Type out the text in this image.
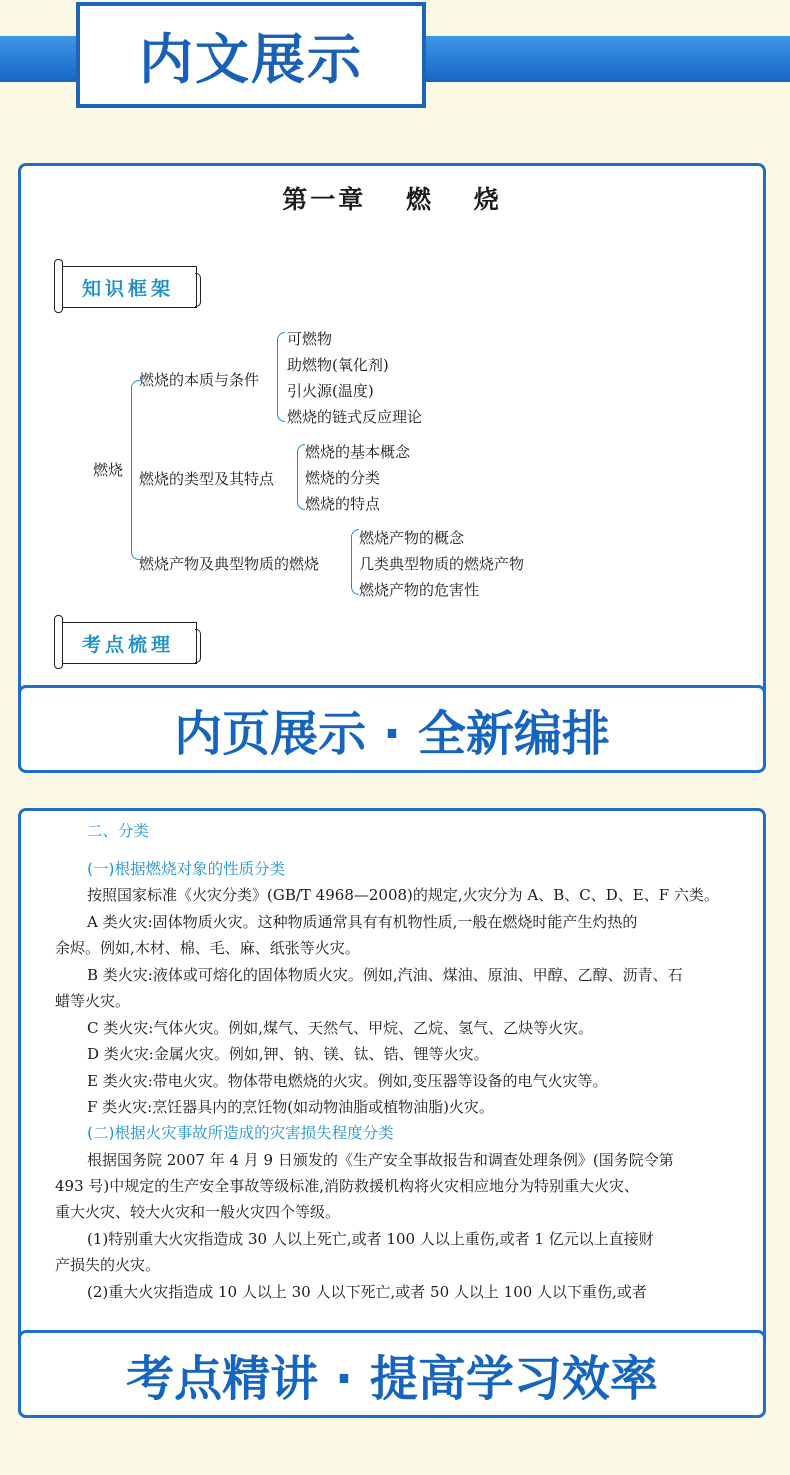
内文展示
第一章　 燃　 烧
知识框架
燃烧
燃烧的本质与条件
可燃物
助燃物(氧化剂)
引火源(温度)
燃烧的链式反应理论
燃烧的类型及其特点
燃烧的基本概念
燃烧的分类
燃烧的特点
燃烧产物及典型物质的燃烧
燃烧产物的概念
几类典型物质的燃烧产物
燃烧产物的危害性
考点梳理
内页展示 · 全新编排
二、分类
(一)根据燃烧对象的性质分类
按照国家标准《火灾分类》(GB/T 4968—2008)的规定,火灾分为 A、B、C、D、E、F 六类。
A 类火灾:固体物质火灾。这种物质通常具有有机物性质,一般在燃烧时能产生灼热的
余烬。例如,木材、棉、毛、麻、纸张等火灾。
B 类火灾:液体或可熔化的固体物质火灾。例如,汽油、煤油、原油、甲醇、乙醇、沥青、石
蜡等火灾。
C 类火灾:气体火灾。例如,煤气、天然气、甲烷、乙烷、氢气、乙炔等火灾。
D 类火灾:金属火灾。例如,钾、钠、镁、钛、锆、锂等火灾。
E 类火灾:带电火灾。物体带电燃烧的火灾。例如,变压器等设备的电气火灾等。
F 类火灾:烹饪器具内的烹饪物(如动物油脂或植物油脂)火灾。
(二)根据火灾事故所造成的灾害损失程度分类
根据国务院 2007 年 4 月 9 日颁发的《生产安全事故报告和调查处理条例》(国务院令第
493 号)中规定的生产安全事故等级标准,消防救援机构将火灾相应地分为特别重大火灾、
重大火灾、较大火灾和一般火灾四个等级。
(1)特别重大火灾指造成 30 人以上死亡,或者 100 人以上重伤,或者 1 亿元以上直接财
产损失的火灾。
(2)重大火灾指造成 10 人以上 30 人以下死亡,或者 50 人以上 100 人以下重伤,或者
考点精讲 · 提高学习效率
